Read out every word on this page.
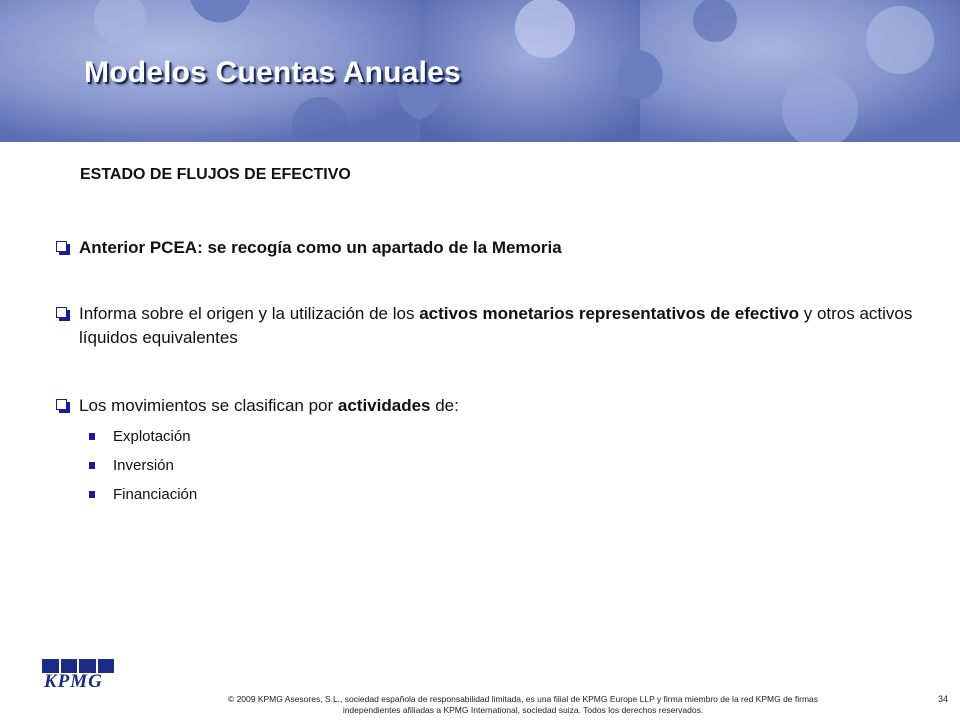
Modelos Cuentas Anuales
ESTADO DE FLUJOS DE EFECTIVO
Anterior PCEA: se recogía como un apartado de la Memoria
Informa sobre el origen y la utilización de los activos monetarios representativos de efectivo y otros activos líquidos equivalentes
Los movimientos se clasifican por actividades de:
Explotación
Inversión
Financiación
KPMG
© 2009 KPMG Asesores, S.L., sociedad española de responsabilidad limitada, es una filial de KPMG Europe LLP y firma miembro de la red KPMG de firmas
independientes afiliadas a KPMG International, sociedad suiza. Todos los derechos reservados.
34
